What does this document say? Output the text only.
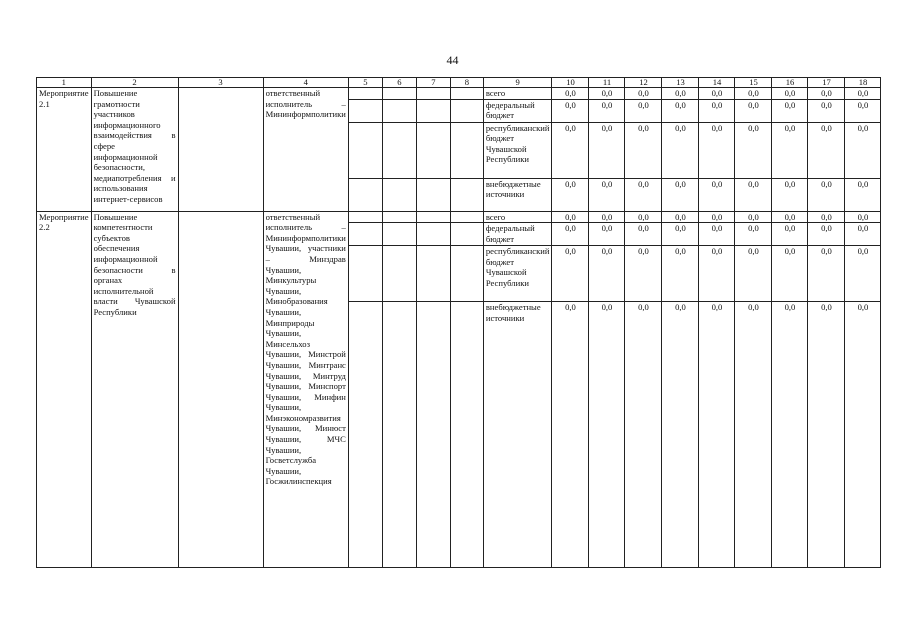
44
1	2	3	4	5	6	7	8	9	10	11	12	13	14	15	16	17	18
Мероприятие 2.1	Повышение грамотности участников информационного взаимодействия в сфере информационной безопасности, медиапотребления и использования интернет-сервисов		ответственный исполнитель – Мининформполитики					всего	0,0	0,0	0,0	0,0	0,0	0,0	0,0	0,0	0,0
								федеральный бюджет	0,0	0,0	0,0	0,0	0,0	0,0	0,0	0,0	0,0
								республиканский бюджет Чувашской Республики	0,0	0,0	0,0	0,0	0,0	0,0	0,0	0,0	0,0
								внебюджетные источники	0,0	0,0	0,0	0,0	0,0	0,0	0,0	0,0	0,0
Мероприятие 2.2	Повышение компетентности субъектов обеспечения информационной безопасности в органах исполнительной власти Чувашской Республики		ответственный исполнитель – Мининформполитики Чувашии, участники – Минздрав Чувашии, Минкультуры Чувашии, Минобразования Чувашии, Минприроды Чувашии, Минсельхоз Чувашии, Минстрой Чувашии, Минтранс Чувашии, Минтруд Чувашии, Минспорт Чувашии, Минфин Чувашии, Минэкономразвития Чувашии, Минюст Чувашии, МЧС Чувашии, Госветслужба Чувашии, Госжилинспекция					всего	0,0	0,0	0,0	0,0	0,0	0,0	0,0	0,0	0,0
								федеральный бюджет	0,0	0,0	0,0	0,0	0,0	0,0	0,0	0,0	0,0
								республиканский бюджет Чувашской Республики	0,0	0,0	0,0	0,0	0,0	0,0	0,0	0,0	0,0
								внебюджетные источники	0,0	0,0	0,0	0,0	0,0	0,0	0,0	0,0	0,0
